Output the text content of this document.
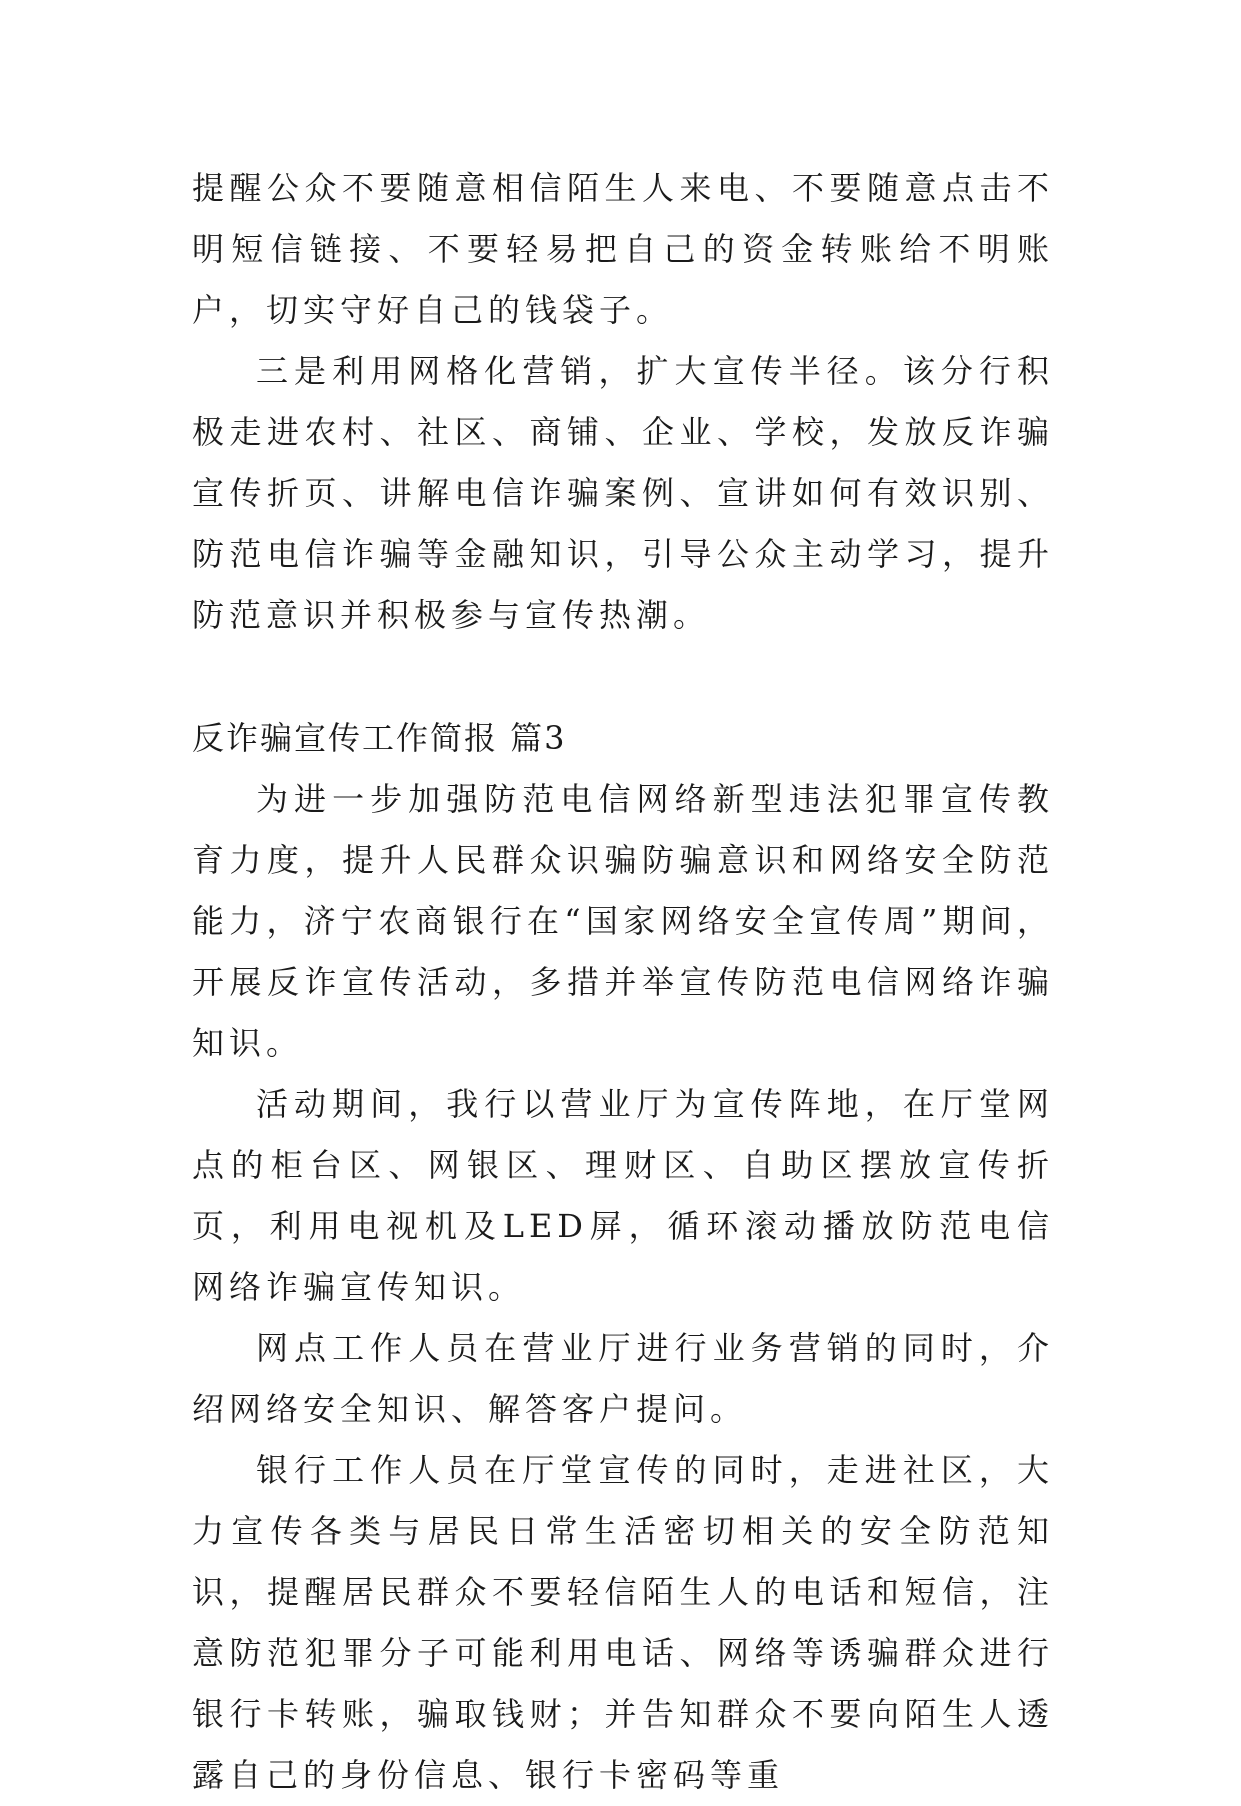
提醒公众不要随意相信陌生人来电、不要随意点击不明短信链接、不要轻易把自己的资金转账给不明账户，切实守好自己的钱袋子。

三是利用网格化营销，扩大宣传半径。该分行积极走进农村、社区、商铺、企业、学校，发放反诈骗宣传折页、讲解电信诈骗案例、宣讲如何有效识别、防范电信诈骗等金融知识，引导公众主动学习，提升防范意识并积极参与宣传热潮。

反诈骗宣传工作简报 篇3

为进一步加强防范电信网络新型违法犯罪宣传教育力度，提升人民群众识骗防骗意识和网络安全防范能力，济宁农商银行在“国家网络安全宣传周”期间，开展反诈宣传活动，多措并举宣传防范电信网络诈骗知识。

活动期间，我行以营业厅为宣传阵地，在厅堂网点的柜台区、网银区、理财区、自助区摆放宣传折页，利用电视机及LED屏，循环滚动播放防范电信网络诈骗宣传知识。

网点工作人员在营业厅进行业务营销的同时，介绍网络安全知识、解答客户提问。

银行工作人员在厅堂宣传的同时，走进社区，大力宣传各类与居民日常生活密切相关的安全防范知识，提醒居民群众不要轻信陌生人的电话和短信，注意防范犯罪分子可能利用电话、网络等诱骗群众进行银行卡转账，骗取钱财；并告知群众不要向陌生人透露自己的身份信息、银行卡密码等重
